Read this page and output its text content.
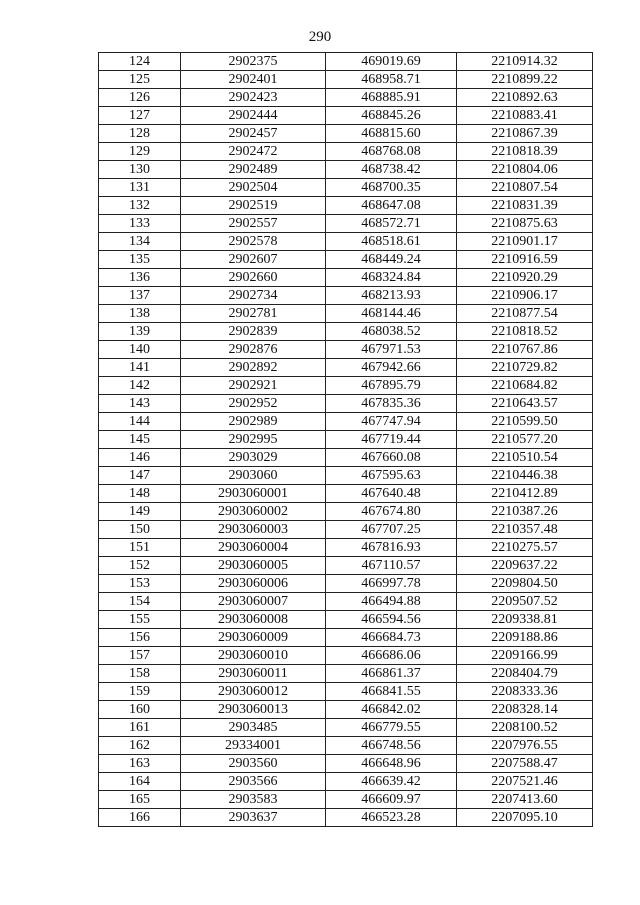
290
124	2902375	469019.69	2210914.32
125	2902401	468958.71	2210899.22
126	2902423	468885.91	2210892.63
127	2902444	468845.26	2210883.41
128	2902457	468815.60	2210867.39
129	2902472	468768.08	2210818.39
130	2902489	468738.42	2210804.06
131	2902504	468700.35	2210807.54
132	2902519	468647.08	2210831.39
133	2902557	468572.71	2210875.63
134	2902578	468518.61	2210901.17
135	2902607	468449.24	2210916.59
136	2902660	468324.84	2210920.29
137	2902734	468213.93	2210906.17
138	2902781	468144.46	2210877.54
139	2902839	468038.52	2210818.52
140	2902876	467971.53	2210767.86
141	2902892	467942.66	2210729.82
142	2902921	467895.79	2210684.82
143	2902952	467835.36	2210643.57
144	2902989	467747.94	2210599.50
145	2902995	467719.44	2210577.20
146	2903029	467660.08	2210510.54
147	2903060	467595.63	2210446.38
148	2903060001	467640.48	2210412.89
149	2903060002	467674.80	2210387.26
150	2903060003	467707.25	2210357.48
151	2903060004	467816.93	2210275.57
152	2903060005	467110.57	2209637.22
153	2903060006	466997.78	2209804.50
154	2903060007	466494.88	2209507.52
155	2903060008	466594.56	2209338.81
156	2903060009	466684.73	2209188.86
157	2903060010	466686.06	2209166.99
158	2903060011	466861.37	2208404.79
159	2903060012	466841.55	2208333.36
160	2903060013	466842.02	2208328.14
161	2903485	466779.55	2208100.52
162	29334001	466748.56	2207976.55
163	2903560	466648.96	2207588.47
164	2903566	466639.42	2207521.46
165	2903583	466609.97	2207413.60
166	2903637	466523.28	2207095.10
